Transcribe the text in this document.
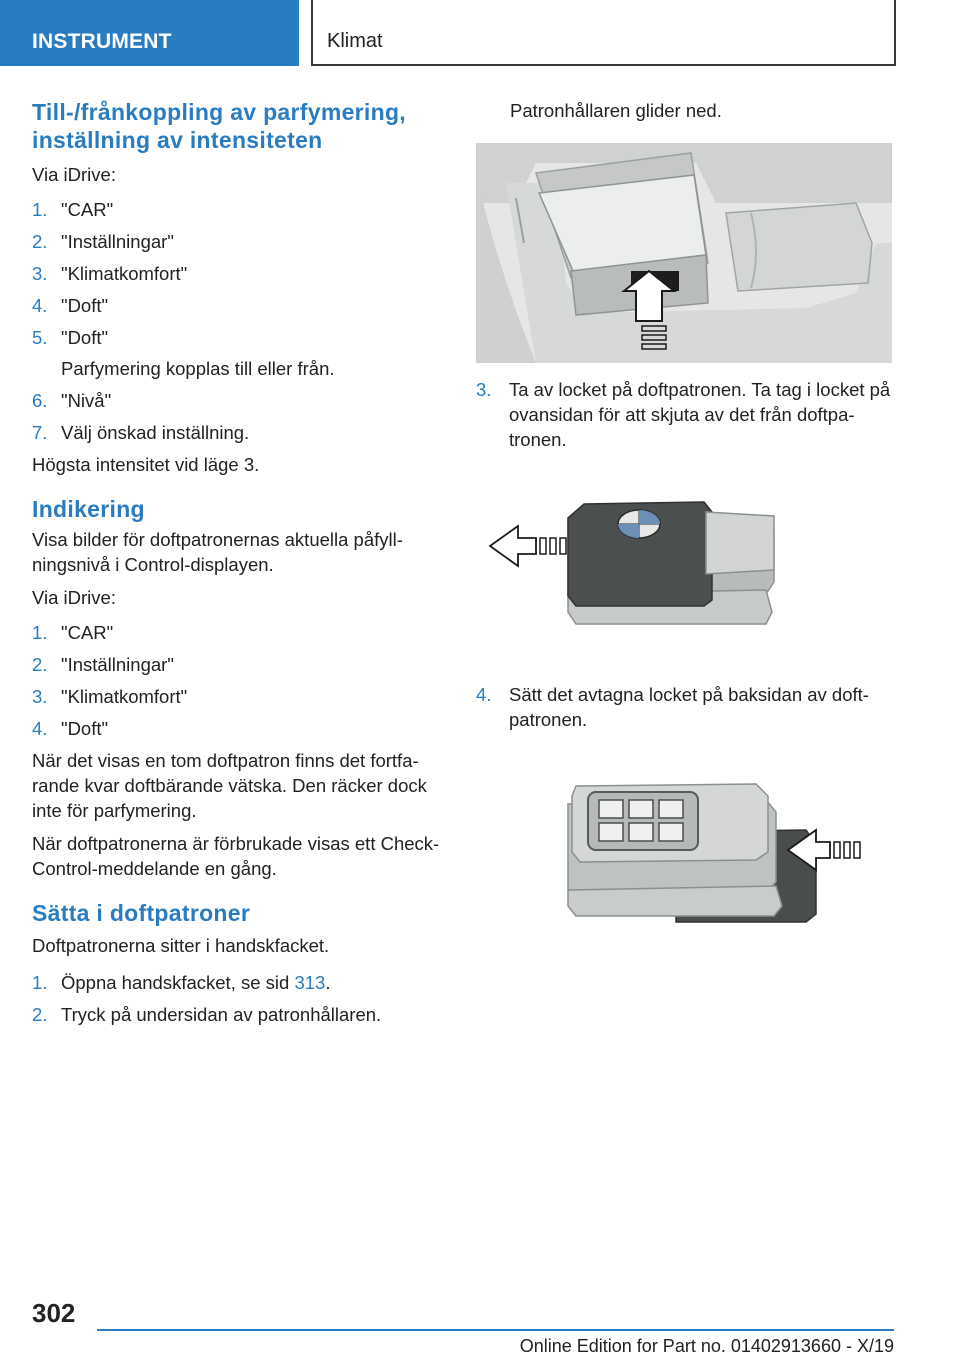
INSTRUMENT	Klimat
Till-/frånkoppling av parfymering, inställning av intensiteten
Via iDrive:
1. "CAR"
2. "Inställningar"
3. "Klimatkomfort"
4. "Doft"
5. "Doft"
Parfymering kopplas till eller från.
6. "Nivå"
7. Välj önskad inställning.
Högsta intensitet vid läge 3.
Indikering
Visa bilder för doftpatronernas aktuella påfyllningsnivå i Control-displayen.
Via iDrive:
1. "CAR"
2. "Inställningar"
3. "Klimatkomfort"
4. "Doft"
När det visas en tom doftpatron finns det fortfarande kvar doftbärande vätska. Den räcker dock inte för parfymering.
När doftpatronerna är förbrukade visas ett Check-Control-meddelande en gång.
Sätta i doftpatroner
Doftpatronerna sitter i handskfacket.
1. Öppna handskfacket, se sid 313.
2. Tryck på undersidan av patronhållaren.
Patronhållaren glider ned.
3. Ta av locket på doftpatronen. Ta tag i locket på ovansidan för att skjuta av det från doftpatronen.
4. Sätt det avtagna locket på baksidan av doftpatronen.
302
Online Edition for Part no. 01402913660 - X/19
